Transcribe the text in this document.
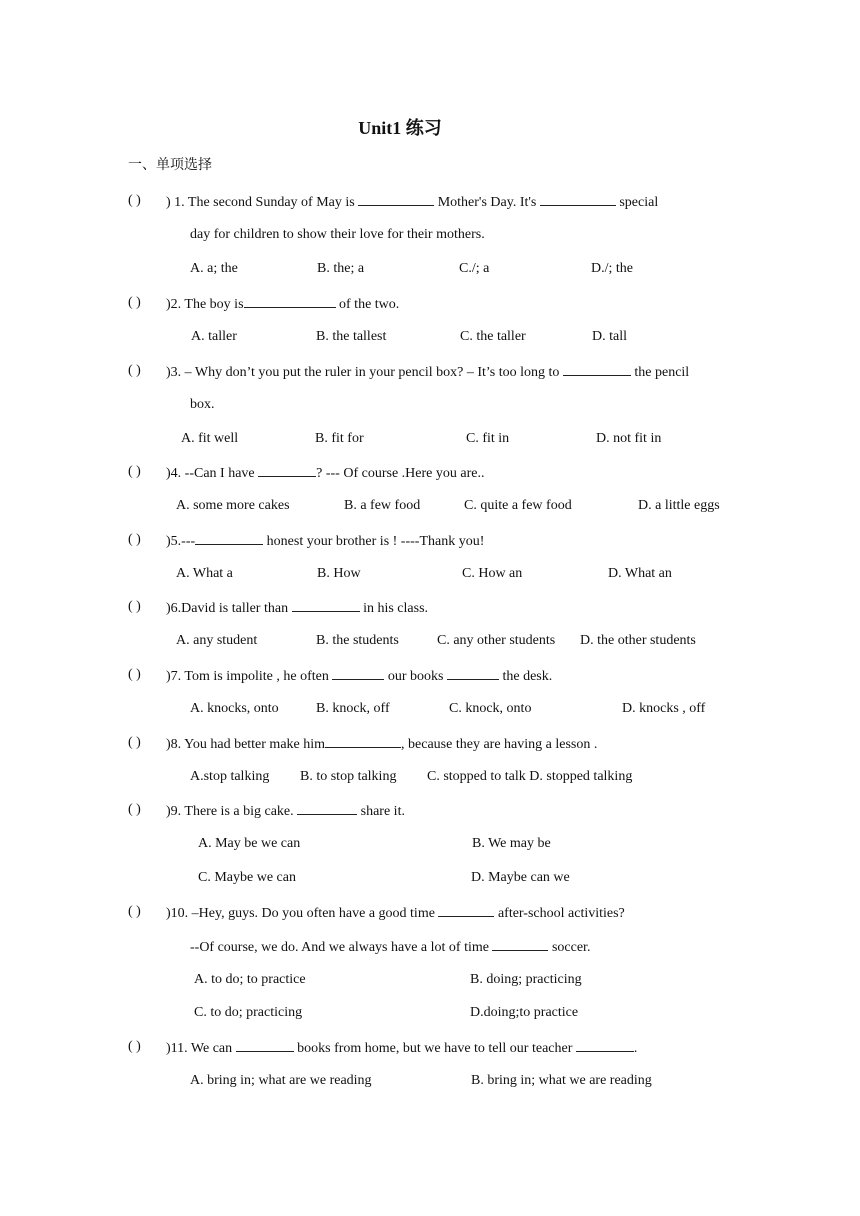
Unit1 练习
一、单项选择
( ) ) 1. The second Sunday of May is	Mother's Day. It's	special
day for children to show their love for their mothers.
A. a; the	B. the; a	C./; a	D./; the
( ) )2. The boy is	of the two.
A. taller	B. the tallest	C. the taller	D. tall
( ) )3. – Why don’t you put the ruler in your pencil box? – It’s too long to	the pencil
box.
A. fit well	B. fit for	C. fit in	D. not fit in
( ) )4. --Can I have	? --- Of course .Here you are..
A. some more cakes	B. a few food	C. quite a few food	D. a little eggs
( ) )5.---	honest your brother is ! ----Thank you!
A. What a	B. How	C. How an	D. What an
( ) )6.David is taller than	in his class.
A. any student	B. the students	C. any other students D. the other students
( ) )7. Tom is impolite , he often	our books	the desk.
A. knocks, onto	B. knock, off	C. knock, onto	D. knocks , off
( ) )8. You had better make him	, because they are having a lesson .
A.stop talking B. to stop talking C. stopped to talk D. stopped talking
( ) )9. There is a big cake.	share it.
A. May be we can	B. We may be
C. Maybe we can	D. Maybe can we
( ) )10. –Hey, guys. Do you often have a good time	after-school activities?
--Of course, we do. And we always have a lot of time	soccer.
A. to do; to practice	B. doing; practicing
C. to do; practicing	D.doing;to practice
( ) )11. We can	books from home, but we have to tell our teacher	.
A. bring in; what are we reading	B. bring in; what we are reading
